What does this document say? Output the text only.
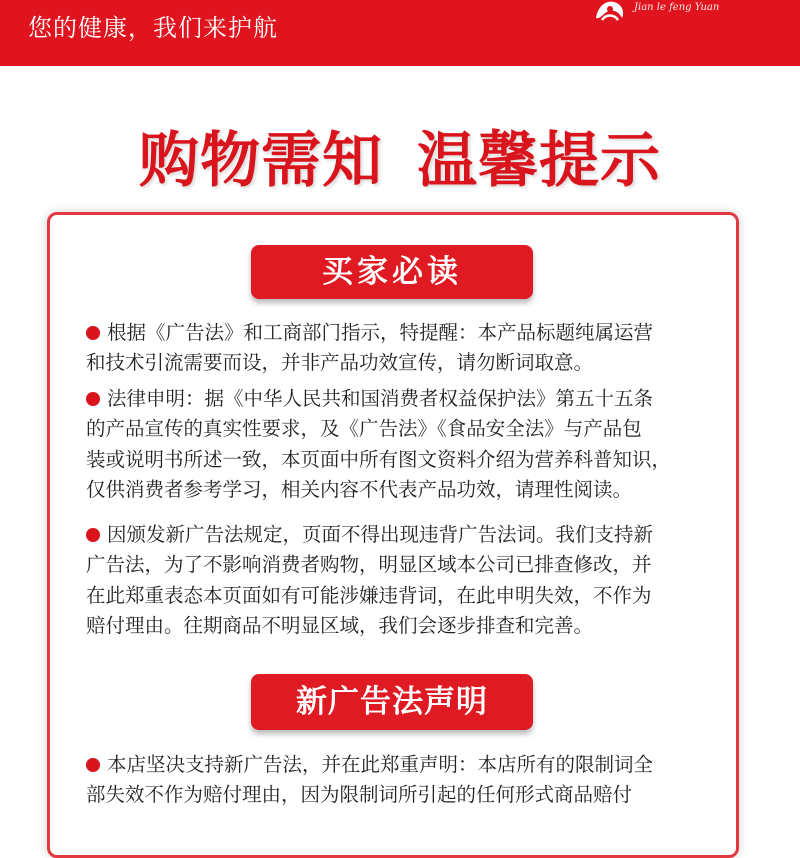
您的健康，我们来护航
Jian le feng Yuan
购物需知 温馨提示
买家必读

根据《广告法》和工商部门指示，特提醒：本产品标题纯属运营
和技术引流需要而设，并非产品功效宣传，请勿断词取意。

法律申明：据《中华人民共和国消费者权益保护法》第五十五条
的产品宣传的真实性要求，及《广告法》《食品安全法》与产品包
装或说明书所述一致，本页面中所有图文资料介绍为营养科普知识，
仅供消费者参考学习，相关内容不代表产品功效，请理性阅读。

因颁发新广告法规定，页面不得出现违背广告法词。我们支持新
广告法，为了不影响消费者购物，明显区域本公司已排查修改，并
在此郑重表态本页面如有可能涉嫌违背词，在此申明失效，不作为
赔付理由。往期商品不明显区域，我们会逐步排查和完善。

新广告法声明

本店坚决支持新广告法，并在此郑重声明：本店所有的限制词全
部失效不作为赔付理由，因为限制词所引起的任何形式商品赔付
